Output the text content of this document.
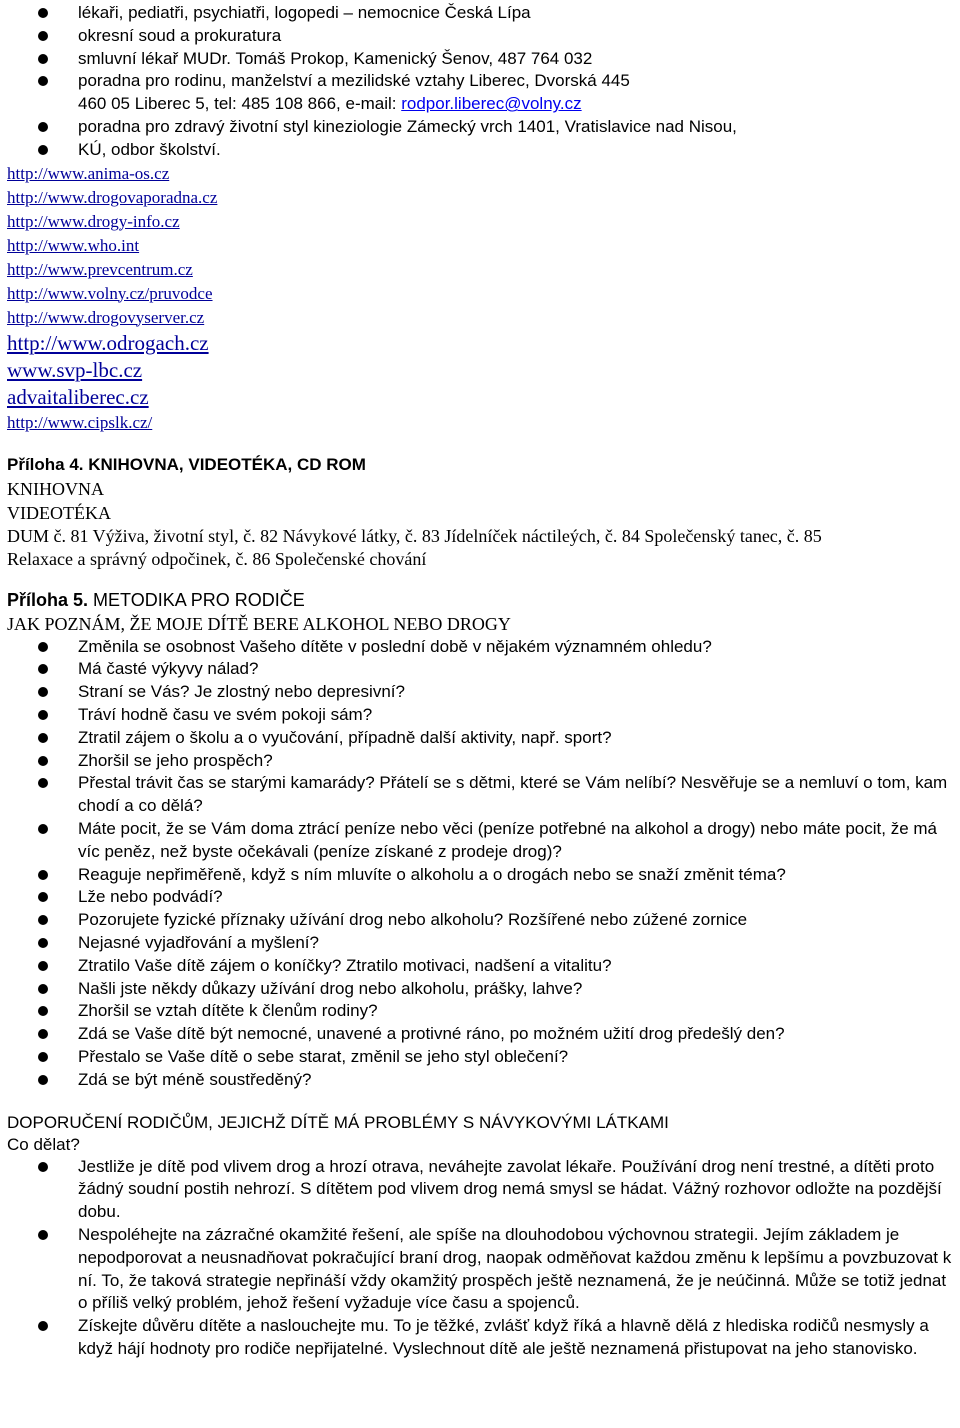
lékaři, pediatři, psychiatři, logopedi – nemocnice Česká Lípa
okresní soud a prokuratura
smluvní lékař MUDr. Tomáš Prokop, Kamenický Šenov, 487 764 032
poradna pro rodinu, manželství a mezilidské vztahy Liberec, Dvorská 445
460 05 Liberec 5, tel: 485 108 866, e-mail: rodpor.liberec@volny.cz
poradna pro zdravý životní styl kineziologie Zámecký vrch 1401, Vratislavice nad Nisou,
KÚ, odbor školství.
http://www.anima-os.cz
http://www.drogovaporadna.cz
http://www.drogy-info.cz
http://www.who.int
http://www.prevcentrum.cz
http://www.volny.cz/pruvodce
http://www.drogovyserver.cz
http://www.odrogach.cz
www.svp-lbc.cz
advaitaliberec.cz
http://www.cipslk.cz/
Příloha 4. KNIHOVNA, VIDEOTÉKA, CD ROM
KNIHOVNA
VIDEOTÉKA
DUM č. 81 Výživa, životní styl, č. 82 Návykové látky, č. 83 Jídelníček náctileých, č. 84 Společenský tanec, č. 85
Relaxace a správný odpočinek, č. 86 Společenské chování
Příloha 5. METODIKA PRO RODIČE
JAK POZNÁM, ŽE MOJE DÍTĚ BERE ALKOHOL NEBO DROGY
Změnila se osobnost Vašeho dítěte v poslední době v nějakém významném ohledu?
Má časté výkyvy nálad?
Straní se Vás? Je zlostný nebo depresivní?
Tráví hodně času ve svém pokoji sám?
Ztratil zájem o školu a o vyučování, případně další aktivity, např. sport?
Zhoršil se jeho prospěch?
Přestal trávit čas se starými kamarády? Přátelí se s dětmi, které se Vám nelíbí? Nesvěřuje se a nemluví o tom, kam chodí a co dělá?
Máte pocit, že se Vám doma ztrácí peníze nebo věci (peníze potřebné na alkohol a drogy) nebo máte pocit, že má víc peněz, než byste očekávali (peníze získané z prodeje drog)?
Reaguje nepřiměřeně, když s ním mluvíte o alkoholu a o drogách nebo se snaží změnit téma?
Lže nebo podvádí?
Pozorujete fyzické příznaky užívání drog nebo alkoholu? Rozšířené nebo zúžené zornice
Nejasné vyjadřování a myšlení?
Ztratilo Vaše dítě zájem o koníčky? Ztratilo motivaci, nadšení a vitalitu?
Našli jste někdy důkazy užívání drog nebo alkoholu, prášky, lahve?
Zhoršil se vztah dítěte k členům rodiny?
Zdá se Vaše dítě být nemocné, unavené a protivné ráno, po možném užití drog předešlý den?
Přestalo se Vaše dítě o sebe starat, změnil se jeho styl oblečení?
Zdá se být méně soustředěný?
DOPORUČENÍ RODIČŮM, JEJICHŽ DÍTĚ MÁ PROBLÉMY S NÁVYKOVÝMI LÁTKAMI
Co dělat?
Jestliže je dítě pod vlivem drog a hrozí otrava, neváhejte zavolat lékaře. Používání drog není trestné, a dítěti proto žádný soudní postih nehrozí. S dítětem pod vlivem drog nemá smysl se hádat. Vážný rozhovor odložte na pozdější dobu.
Nespoléhejte na zázračné okamžité řešení, ale spíše na dlouhodobou výchovnou strategii. Jejím základem je nepodporovat a neusnadňovat pokračující braní drog, naopak odměňovat každou změnu k lepšímu a povzbuzovat k ní. To, že taková strategie nepřináší vždy okamžitý prospěch ještě neznamená, že je neúčinná. Může se totiž jednat o příliš velký problém, jehož řešení vyžaduje více času a spojenců.
Získejte důvěru dítěte a naslouchejte mu. To je těžké, zvlášť když říká a hlavně dělá z hlediska rodičů nesmysly a když hájí hodnoty pro rodiče nepřijatelné. Vyslechnout dítě ale ještě neznamená přistupovat na jeho stanovisko.
